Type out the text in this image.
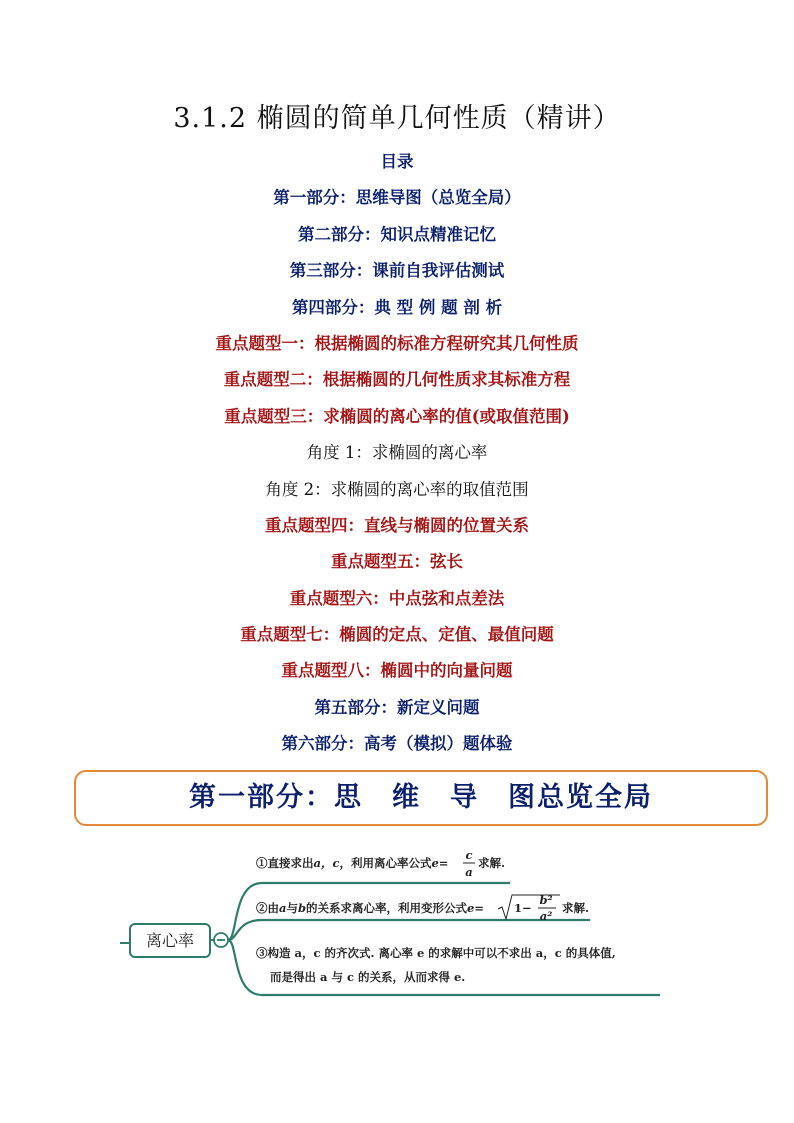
3.1.2 椭圆的简单几何性质（精讲）
目录
第一部分：思维导图（总览全局）
第二部分：知识点精准记忆
第三部分：课前自我评估测试
第四部分：典 型 例 题 剖 析
重点题型一：根据椭圆的标准方程研究其几何性质
重点题型二：根据椭圆的几何性质求其标准方程
重点题型三：求椭圆的离心率的值(或取值范围)
角度 1：求椭圆的离心率
角度 2：求椭圆的离心率的取值范围
重点题型四：直线与椭圆的位置关系
重点题型五：弦长
重点题型六：中点弦和点差法
重点题型七：椭圆的定点、定值、最值问题
重点题型八：椭圆中的向量问题
第五部分：新定义问题
第六部分：高考（模拟）题体验
第一部分：思　维　导　图总览全局
离心率
①直接求出a，c，利用离心率公式e=
c
a
求解.
②由a与b的关系求离心率，利用变形公式e=	1−
b²
a²
求解.
③构造 a，c 的齐次式. 离心率 e 的求解中可以不求出 a，c 的具体值,
而是得出 a 与 c 的关系，从而求得 e.
